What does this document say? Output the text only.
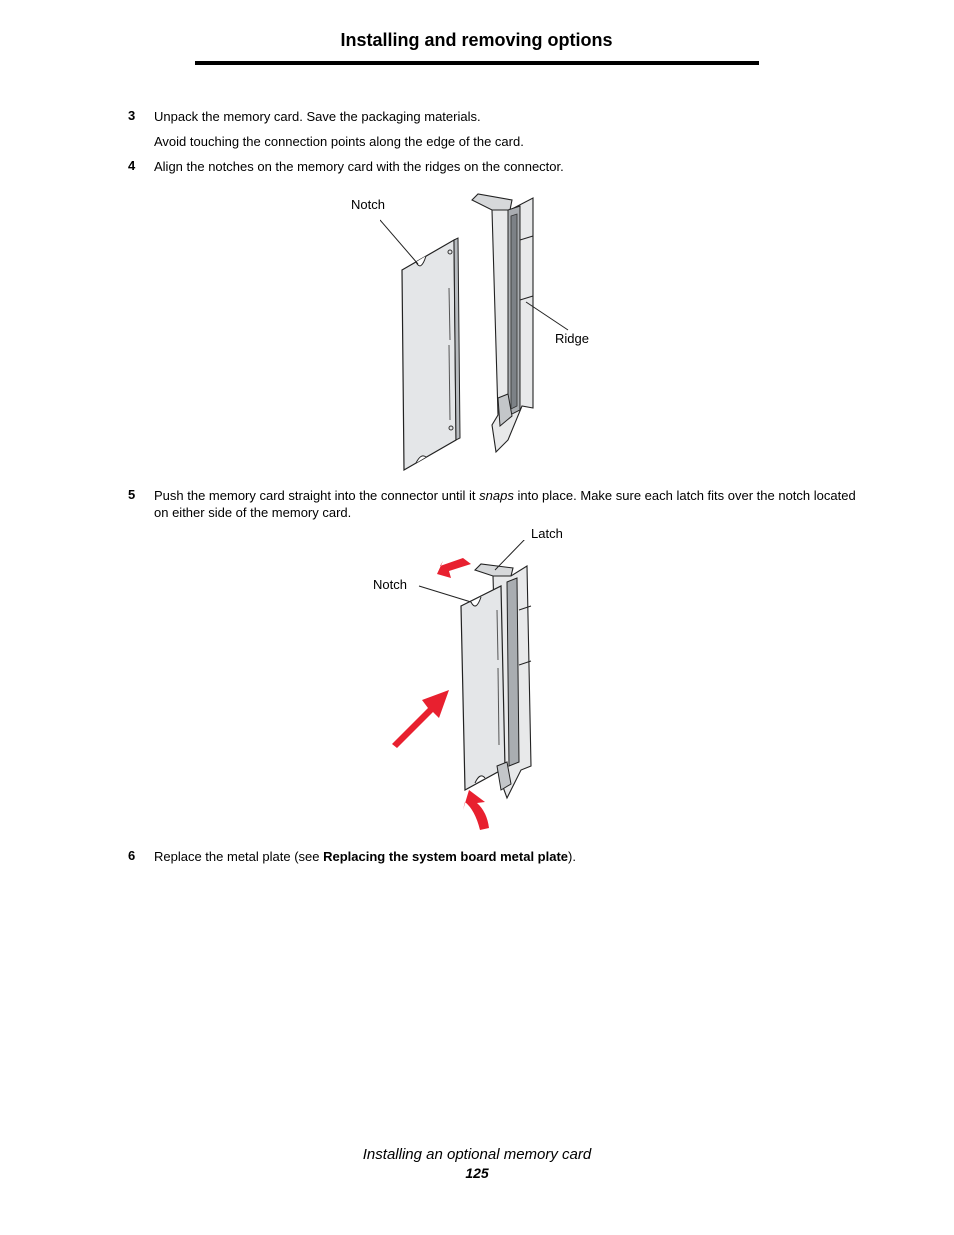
Installing and removing options
3 Unpack the memory card. Save the packaging materials.
Avoid touching the connection points along the edge of the card.
4 Align the notches on the memory card with the ridges on the connector.
Notch
Ridge
5 Push the memory card straight into the connector until it snaps into place. Make sure each latch fits over the notch located on either side of the memory card.
Latch
Notch
6 Replace the metal plate (see Replacing the system board metal plate).
Installing an optional memory card
125
